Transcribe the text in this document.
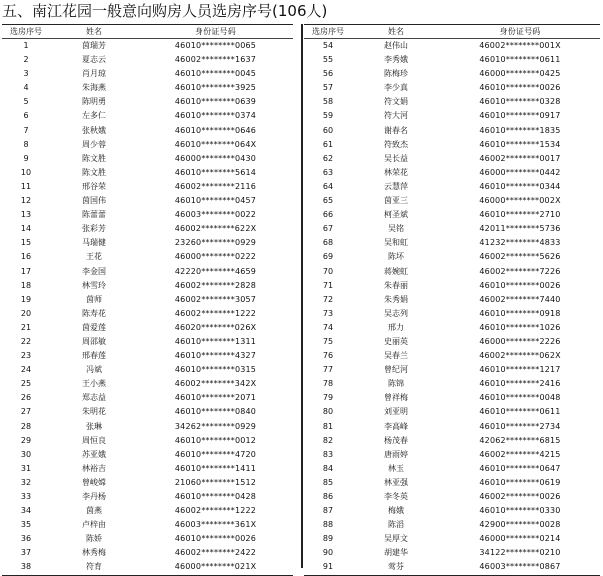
五、南江花园一般意向购房人员选房序号(106人)
选房序号	姓名	身份证号码
1	茵瑞芳	46010********0065
2	夏志云	46002********1637
3	肖月琼	46010********0045
4	朱海燕	46010********3925
5	陈明勇	46010********0639
6	左多仁	46010********0374
7	张秋娥	46010********0646
8	周少蓉	46010********064X
9	陈文胜	46000********0430
10	陈文胜	46010********5614
11	邢谷荣	46002********2116
12	茵国伟	46010********0457
13	陈蕾蕾	46003********0022
14	张彩芳	46002********622X
15	马瑞健	23260********0929
16	王花	46000********0222
17	李金国	42220********4659
18	林雪玲	46002********2828
19	茵师	46002********3057
20	陈寿花	46002********1222
21	茵爱莲	46020********026X
22	周邵敏	46010********1311
23	邢春莲	46010********4327
24	冯斌	46010********0315
25	王小燕	46002********342X
26	郑志益	46010********2071
27	朱明花	46010********0840
28	张琳	34262********0929
29	周恒良	46010********0012
30	苏亚娥	46010********4720
31	林裕吉	46010********1411
32	曾峻嫦	21060********1512
33	李丹杨	46010********0428
34	茵燕	46002********1222
35	卢梓由	46003********361X
36	陈娇	46010********0026
37	林秀梅	46002********2422
38	符育	46000********021X
选房序号	姓名	身份证号码
54	赵伟山	46002********001X
55	李秀娥	46010********0611
56	陈梅珍	46000********0425
57	李少真	46010********0026
58	符文娟	46010********0328
59	符大河	46010********0917
60	谢春名	46010********1835
61	符致杰	46010********1534
62	吴长益	46002********0017
63	林荣花	46000********0442
64	云慧萍	46010********0344
65	茵亚三	46000********002X
66	柯圣斌	46010********2710
67	吴铭	42011********5736
68	吴和虹	41232********4833
69	陈坏	46002********5626
70	蒋婉虹	46002********7226
71	朱春丽	46010********0026
72	朱秀娟	46002********7440
73	吴志列	46010********0918
74	邢力	46010********1026
75	史丽英	46000********2226
76	吴春兰	46002********062X
77	曾纪河	46010********1217
78	陈锦	46010********2416
79	曾祥梅	46010********0048
80	刘亚明	46010********0611
81	李高峰	46010********2734
82	杨茂春	42062********6815
83	唐雨婷	46002********4215
84	林玉	46010********0647
85	林亚强	46010********0619
86	李冬英	46002********0026
87	梅娥	46010********0330
88	陈滔	42900********0028
89	吴厚文	46000********0214
90	胡建华	34122********0210
91	莺芬	46003********0867
